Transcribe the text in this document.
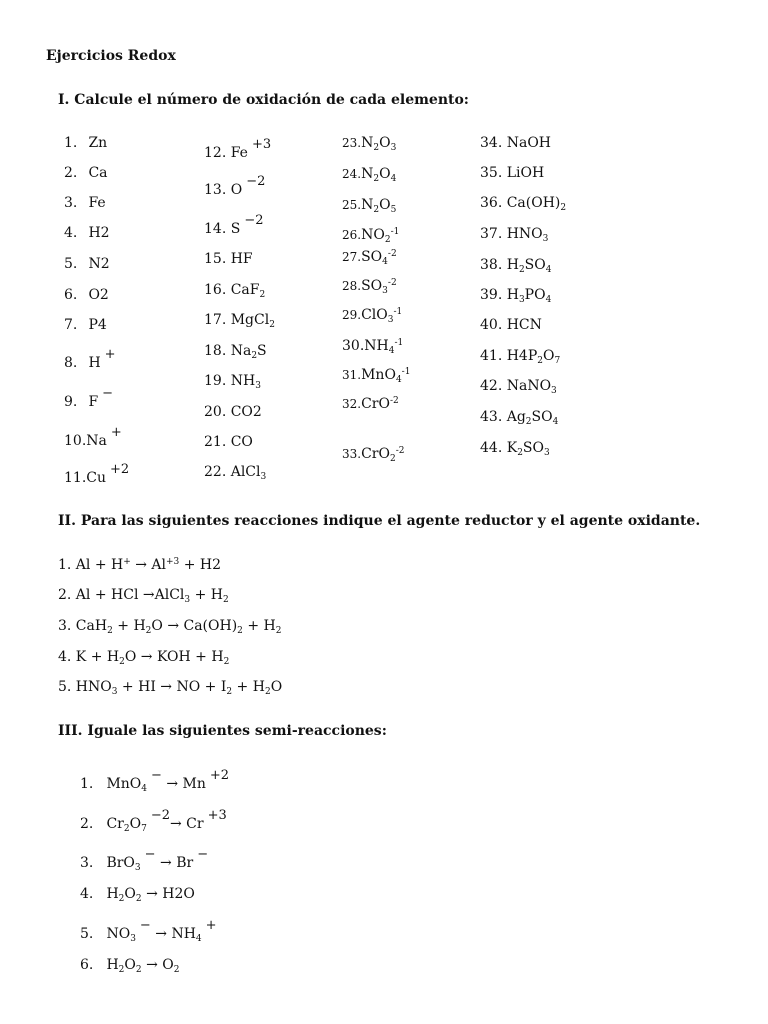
Ejercicios Redox
I. Calcule el número de oxidación de cada elemento:
1. Zn
2. Ca
3. Fe
4. H2
5. N2
6. O2
7. P4
8. H+
9. F−
10.Na+
11.Cu+2
12. Fe+3
13. O−2
14. S−2
15. HF
16. CaF$_2$
17. MgCl$_2$
18. $Na_2S$
19. $NH_3$
20. CO2
21. CO
22. AlCl$_3$
$23.N_2O_3$
$24.N_2O_4$
$25.N_2O_5$
$26.NO_2^{-1}$
$27.SO_4^{-2}$
$28.SO_3^{-2}$
29.ClO$_3^{-1}$
$30.NH_4^{-1}$
31.MnO$_4^{-1}$
32.CrO$^{-2}$
33.CrO$_2^{-2}$
34. NaOH
35. LiOH
36. $Ca(OH)_2$
37. $HNO_3$
38. $H_2SO_4$
39. $H_3PO_4$
40. HCN
41. $H4P_2O_7$
42. NaNO$_3$
43. $Ag_2SO_4$
44. $K_2SO_3$
II. Para las siguientes reacciones indique el agente reductor y el agente oxidante.
1. $Al + H^+ \to Al^{+3} + H2$
2. Al + HCl →AlCl$_3$ + $H_2$
3. $CaH_2 + H_2O \to Ca(OH)_2 + H_2$
4. $K + H_2O$ → KOH + $H_2$
5. $HNO_3$ + HI → NO + $I_2 + H_2O$
III. Iguale las siguientes semi-reacciones:
1. MnO$_4$− → Mn+2
2. $Cr_2O_7-2\to Cr+3$
3. BrO$_3$− → Br−
4. $H_2O_2 \to H2O$
5. $NO_3- \to NH_4+$
6. $H_2O_2 \to O_2$
